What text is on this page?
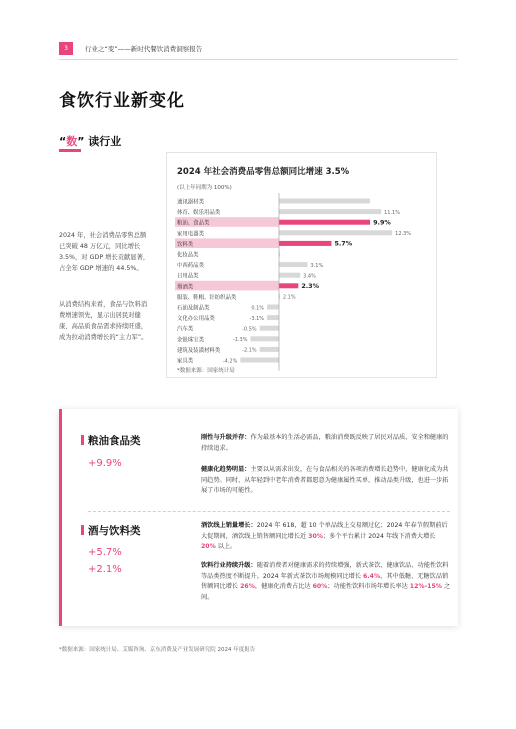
3	行业之“变”——新时代餐饮消费洞察报告
食饮行业新变化
“数” 读行业
2024 年，社会消费品零售总额已突破 48 万亿元，同比增长 3.5%，对 GDP 增长贡献显著，占全年 GDP 增速的 44.5%。
从消费结构来看，食品与饮料消费增速领先，显示出居民对健康、高品质食品需求持续旺盛，成为拉动消费增长的“主力军”。
通讯器材类
体育、娱乐用品类	11.1%
粮油、食品类	9.9%
家用电器类	12.3%
饮料类	5.7%
化妆品类
中西药品类	3.1%
日用品类	3.4%
烟酒类	2.3%
服装、鞋帽、针纺织品类	2.1%
石油及制品类	0.1%
文化办公用品类	-3.1%
汽车类	-0.5%
金银珠宝类	-1.3%
建筑及装潢材料类	-2.1%
家具类	-4.2%
2024 年社会消费品零售总额同比增速 3.5%
(以上年同期为 100%)
*数据来源：国家统计局
粮油食品类
+9.9%
刚性与升级并存：作为最基本的生活必需品，粮油消费既反映了居民对品质、安全和健康的持续追求。
健康化趋势明显：主要以从需求出发，在与食品相关的各项消费增长趋势中，健康化成为共同趋势。同时，从年轻到中老年消费者都愿意为健康属性买单，推动品类升级，也进一步拓展了市场的可能性。
酒与饮料类
+5.7%
+2.1%
酒饮线上销量增长：2024 年 618，超 10 个单品线上交易额过亿；2024 年春节假期前后大促期间，酒饮线上销售额同比增长近 30%；多个平台累计 2024 年线下消费大增长 20% 以上。
饮料行业持续升级：随着消费者对健康需求的持续增强，新式茶饮、健康饮品、功能性饮料等品类热度不断提升。2024 年新式茶饮市场规模同比增长 6.4%，其中低糖、无糖饮品销售额同比增长 26%，健康化消费占比达 60%；功能性饮料市场年增长率达 12%-15% 之间。
*数据来源：国家统计局、艾媒咨询、京东消费及产业发展研究院 2024 年度报告
